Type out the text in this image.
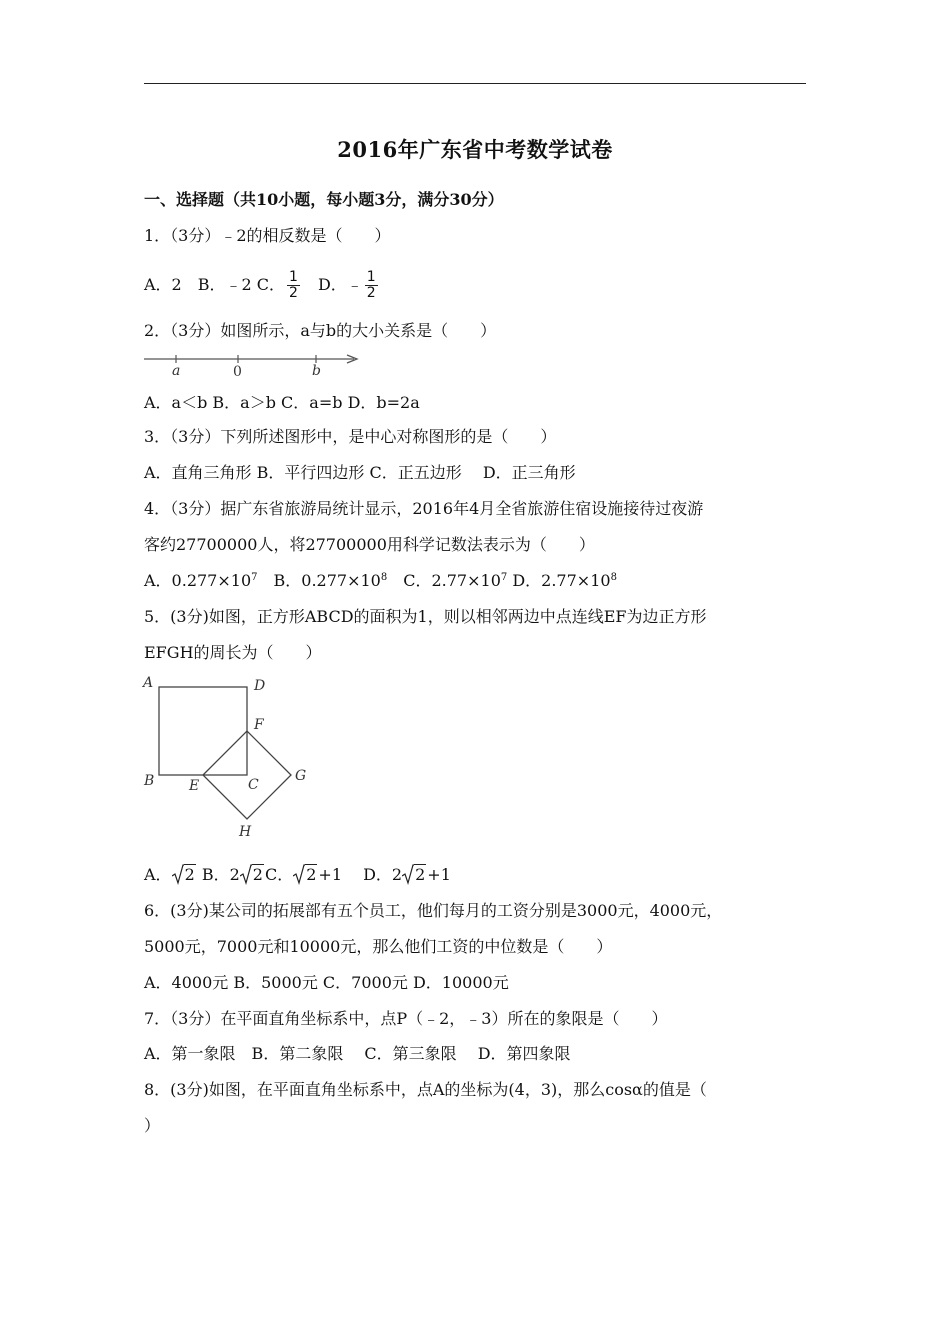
2016年广东省中考数学试卷
一、选择题（共10小题，每小题3分，满分30分）
1．（3分）﹣2的相反数是（　　）
A．2　B．﹣2 C． $\frac{1}{2}$ 　D．﹣ $\frac{1}{2}$
2．（3分）如图所示，a与b的大小关系是（　　）
a	0	b
A．a＜b B．a＞b C．a=b D．b=2a
3．（3分）下列所述图形中，是中心对称图形的是（　　）
A．直角三角形 B．平行四边形 C．正五边形　 D．正三角形
4．（3分）据广东省旅游局统计显示，2016年4月全省旅游住宿设施接待过夜游
客约27700000人，将27700000用科学记数法表示为（　　）
A．$0.277\times 10^7$　B．$0.277\times 10^8$　C．$2.77\times 10^7$ D．$2.77\times 10^8$
5．(3分)如图，正方形ABCD的面积为1，则以相邻两边中点连线EF为边正方形
EFGH的周长为（　　）
A	D
F
B E	C
G
H
A． 2 B．2 2 C． 2 +1　 D．2 2 +1
6．(3分)某公司的拓展部有五个员工，他们每月的工资分别是3000元，4000元，
5000元，7000元和10000元，那么他们工资的中位数是（　　）
A．4000元 B．5000元 C．7000元 D．10000元
7．（3分）在平面直角坐标系中，点P（﹣2，﹣3）所在的象限是（　　）
A．第一象限　B．第二象限　 C．第三象限　 D．第四象限
8．(3分)如图，在平面直角坐标系中，点A的坐标为(4，3)，那么cosα的值是（
）
